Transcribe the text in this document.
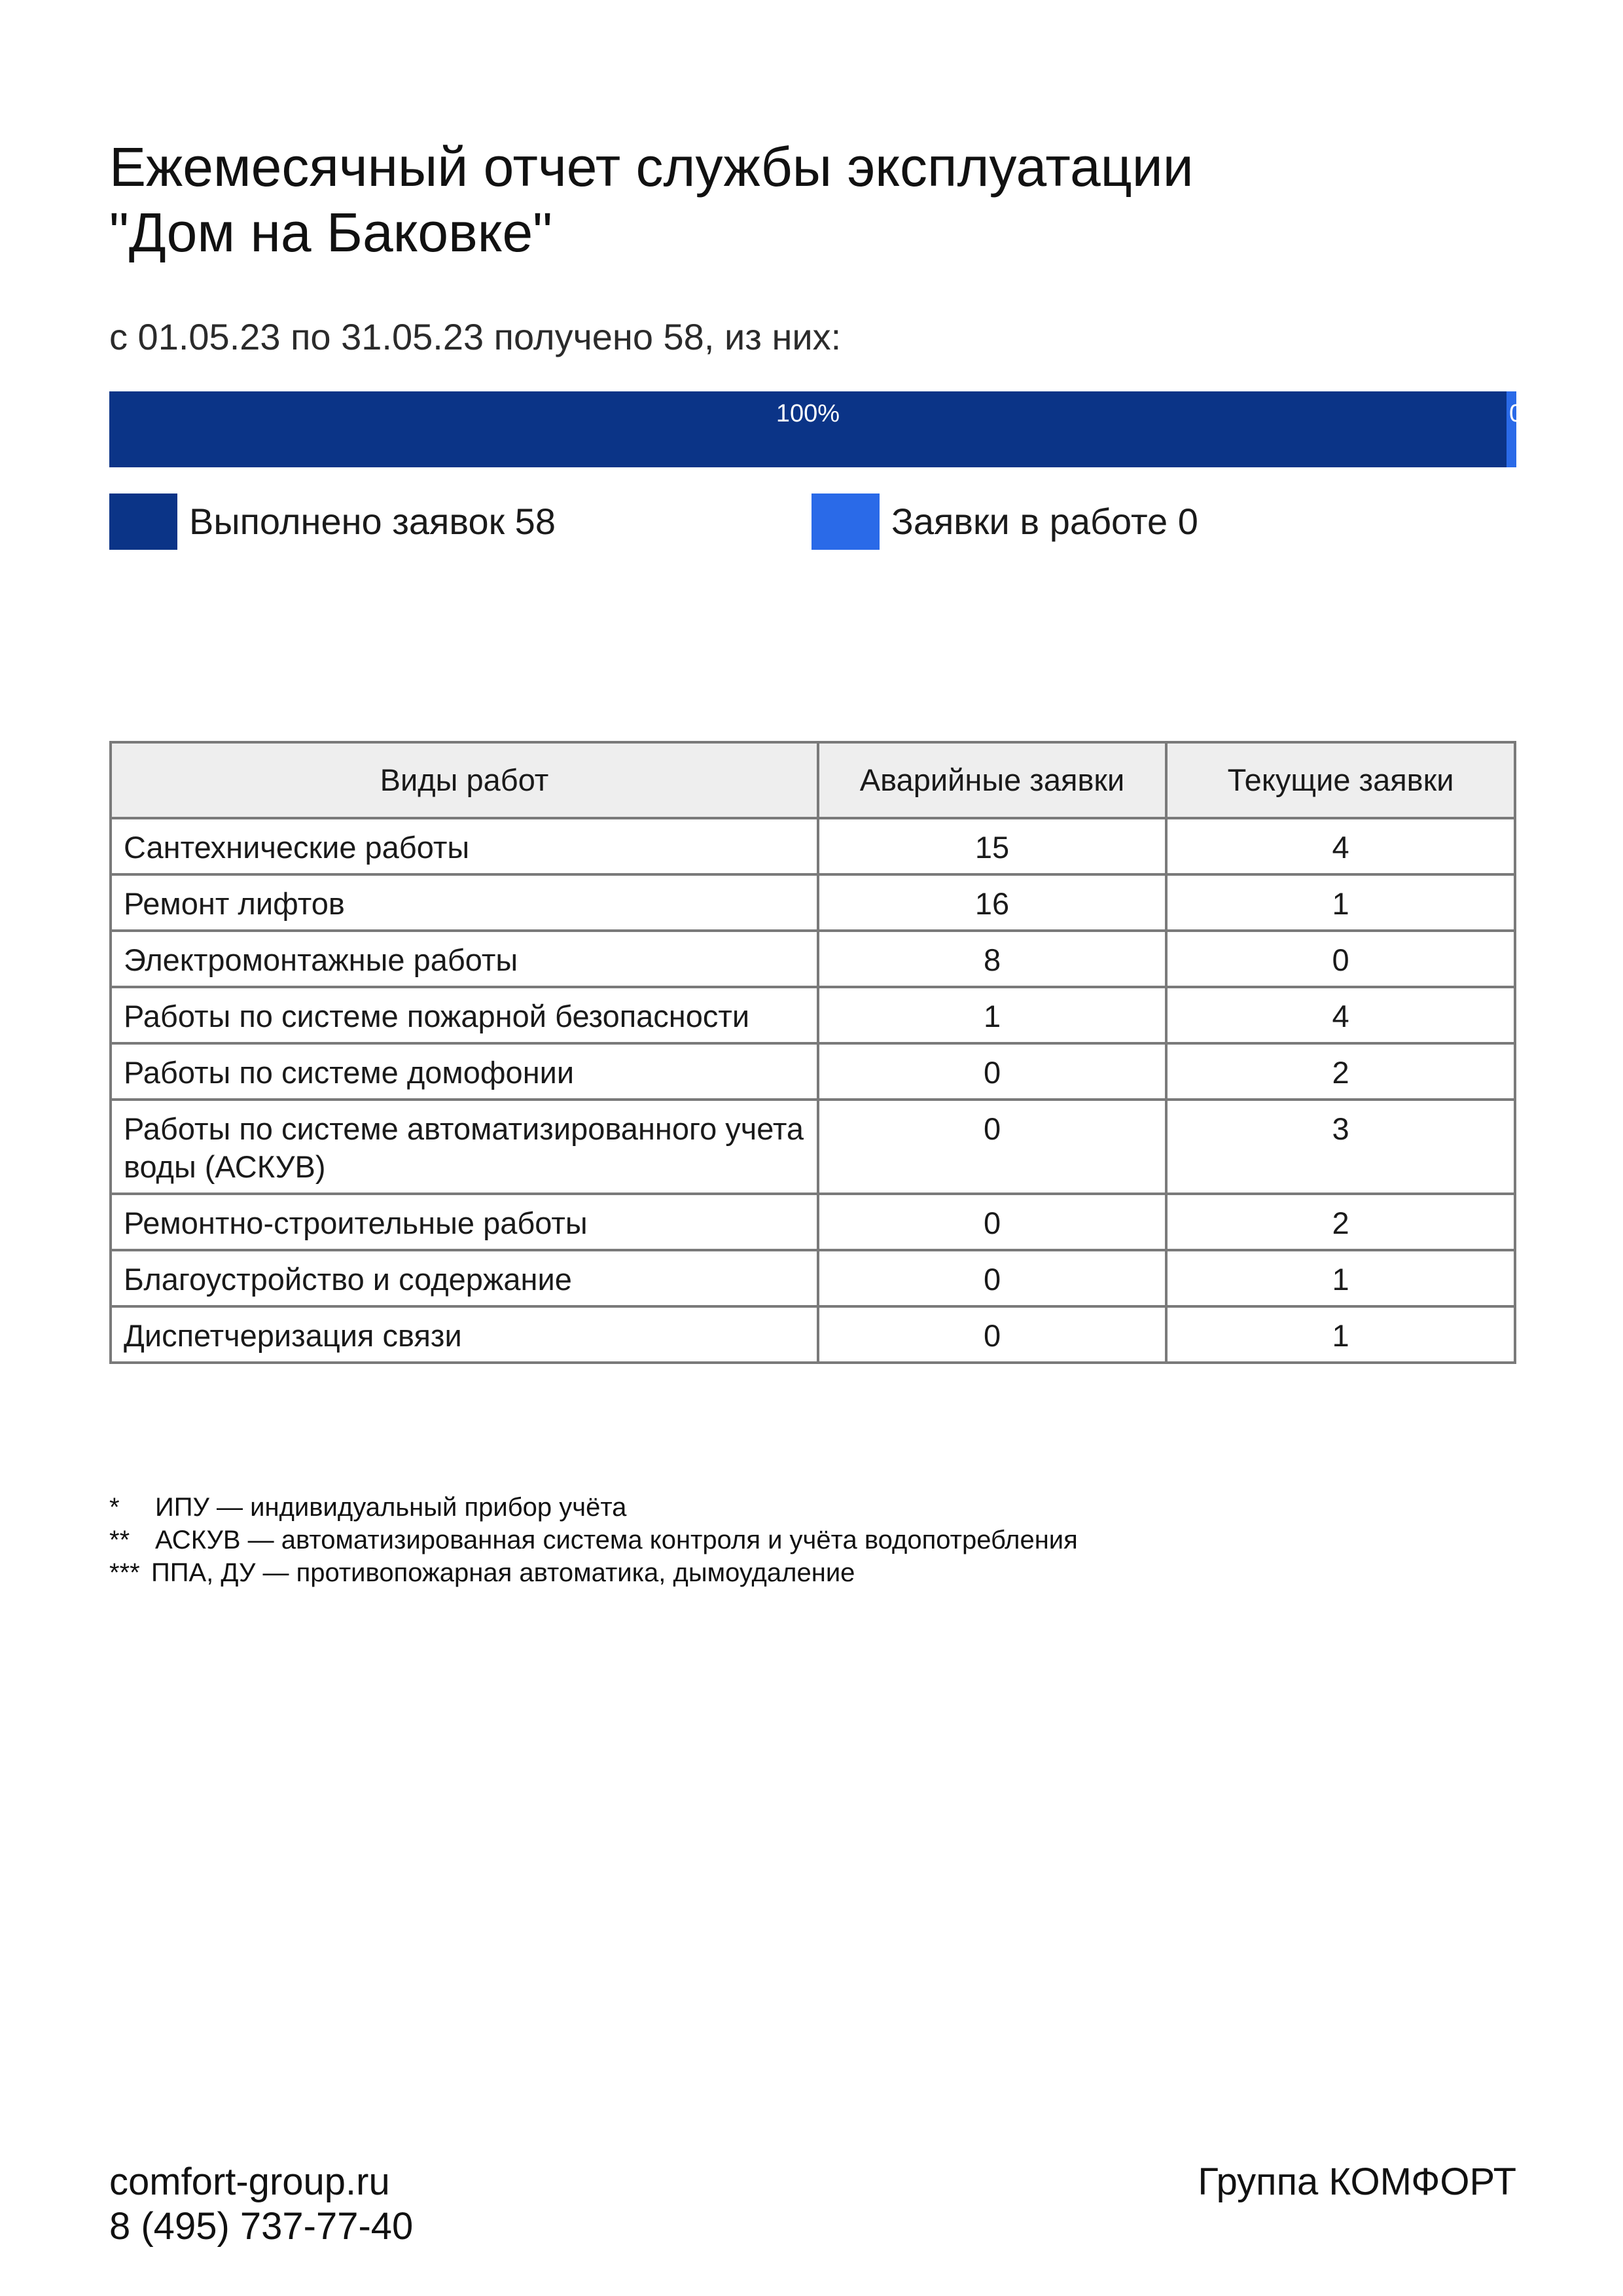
Ежемесячный отчет службы эксплуатации
"Дом на Баковке"
с 01.05.23 по 31.05.23 получено 58, из них:
100%	0%
Выполнено заявок 58	Заявки в работе 0
Виды работ	Аварийные заявки	Текущие заявки
Сантехнические работы	15	4
Ремонт лифтов	16	1
Электромонтажные работы	8	0
Работы по системе пожарной безопасности	1	4
Работы по системе домофонии	0	2
Работы по системе автоматизированного учета воды (АСКУВ)	0	3
Ремонтно-строительные работы	0	2
Благоустройство и содержание	0	1
Диспетчеризация связи	0	1
*	ИПУ — индивидуальный прибор учёта
** АСКУВ — автоматизированная система контроля и учёта водопотребления
*** ППА, ДУ — противопожарная автоматика, дымоудаление
comfort-group.ru
8 (495) 737-77-40
Группа КОМФОРТ
